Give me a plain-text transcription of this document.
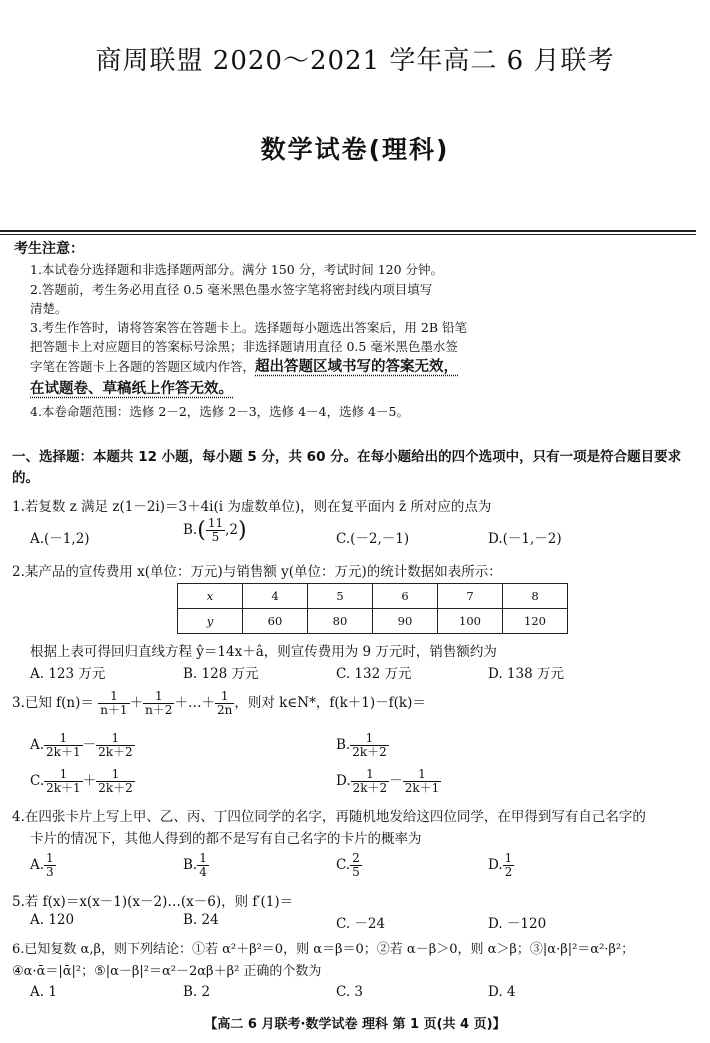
商周联盟 2020～2021 学年高二 6 月联考
数学试卷(理科)
考生注意：
1.本试卷分选择题和非选择题两部分。满分 150 分，考试时间 120 分钟。
2.答题前，考生务必用直径 0.5 毫米黑色墨水签字笔将密封线内项目填写
清楚。
3.考生作答时，请将答案答在答题卡上。选择题每小题选出答案后，用 2B 铅笔
把答题卡上对应题目的答案标号涂黑；非选择题请用直径 0.5 毫米黑色墨水签
字笔在答题卡上各题的答题区域内作答，超出答题区域书写的答案无效，
在试题卷、草稿纸上作答无效。
4.本卷命题范围：选修 2－2，选修 2－3，选修 4－4，选修 4－5。
一、选择题：本题共 12 小题，每小题 5 分，共 60 分。在每小题给出的四个选项中，只有一项是符合题目要求的。
1.若复数 z 满足 z(1－2i)＝3＋4i(i 为虚数单位)，则在复平面内 z̄ 所对应的点为
A.(－1,2)
$B.( \frac{11}{5} ,2)$	C.(－2,－1)	D.(－1,－2)
2.某产品的宣传费用 x(单位：万元)与销售额 y(单位：万元)的统计数据如表所示：
x	4	5	6	7	8
y	60	80	90	100	120
根据上表可得回归直线方程 ŷ＝14x＋â，则宣传费用为 9 万元时，销售额约为
A. 123 万元	B. 128 万元	C. 132 万元	D. 138 万元
3.已知 $f(n)= \frac{1}{n+1} + \frac{1}{n+2}$ ＋…＋ $\frac{1}{2n}$ ，则对 k∈N*，f(k＋1)－f(k)＝
A. $\frac{1}{2k+1} - \frac{1}{2k+2}$	B. $\frac{1}{2k+2}$
C. $\frac{1}{2k+1} + \frac{1}{2k+2}$	D. $\frac{1}{2k+2} - \frac{1}{2k+1}$
4.在四张卡片上写上甲、乙、丙、丁四位同学的名字，再随机地发给这四位同学，在甲得到写有自己名字的
卡片的情况下，其他人得到的都不是写有自己名字的卡片的概率为
A. $\frac{1}{3}$	B. $\frac{1}{4}$	C. $\frac{2}{5}$	D. $\frac{1}{2}$
5.若 f(x)＝x(x－1)(x－2)…(x－6)，则 f′(1)＝
A. 120	B. 24	C. －24	D. －120
6.已知复数 α,β，则下列结论：①若 α²＋β²＝0，则 α＝β＝0；②若 α－β＞0，则 α＞β；③|α·β|²＝α²·β²；
④α·ᾱ＝|ᾱ|²；⑤|α－β|²＝α²－2αβ＋β² 正确的个数为
A. 1	B. 2	C. 3	D. 4
【高二 6 月联考·数学试卷 理科 第 1 页(共 4 页)】
